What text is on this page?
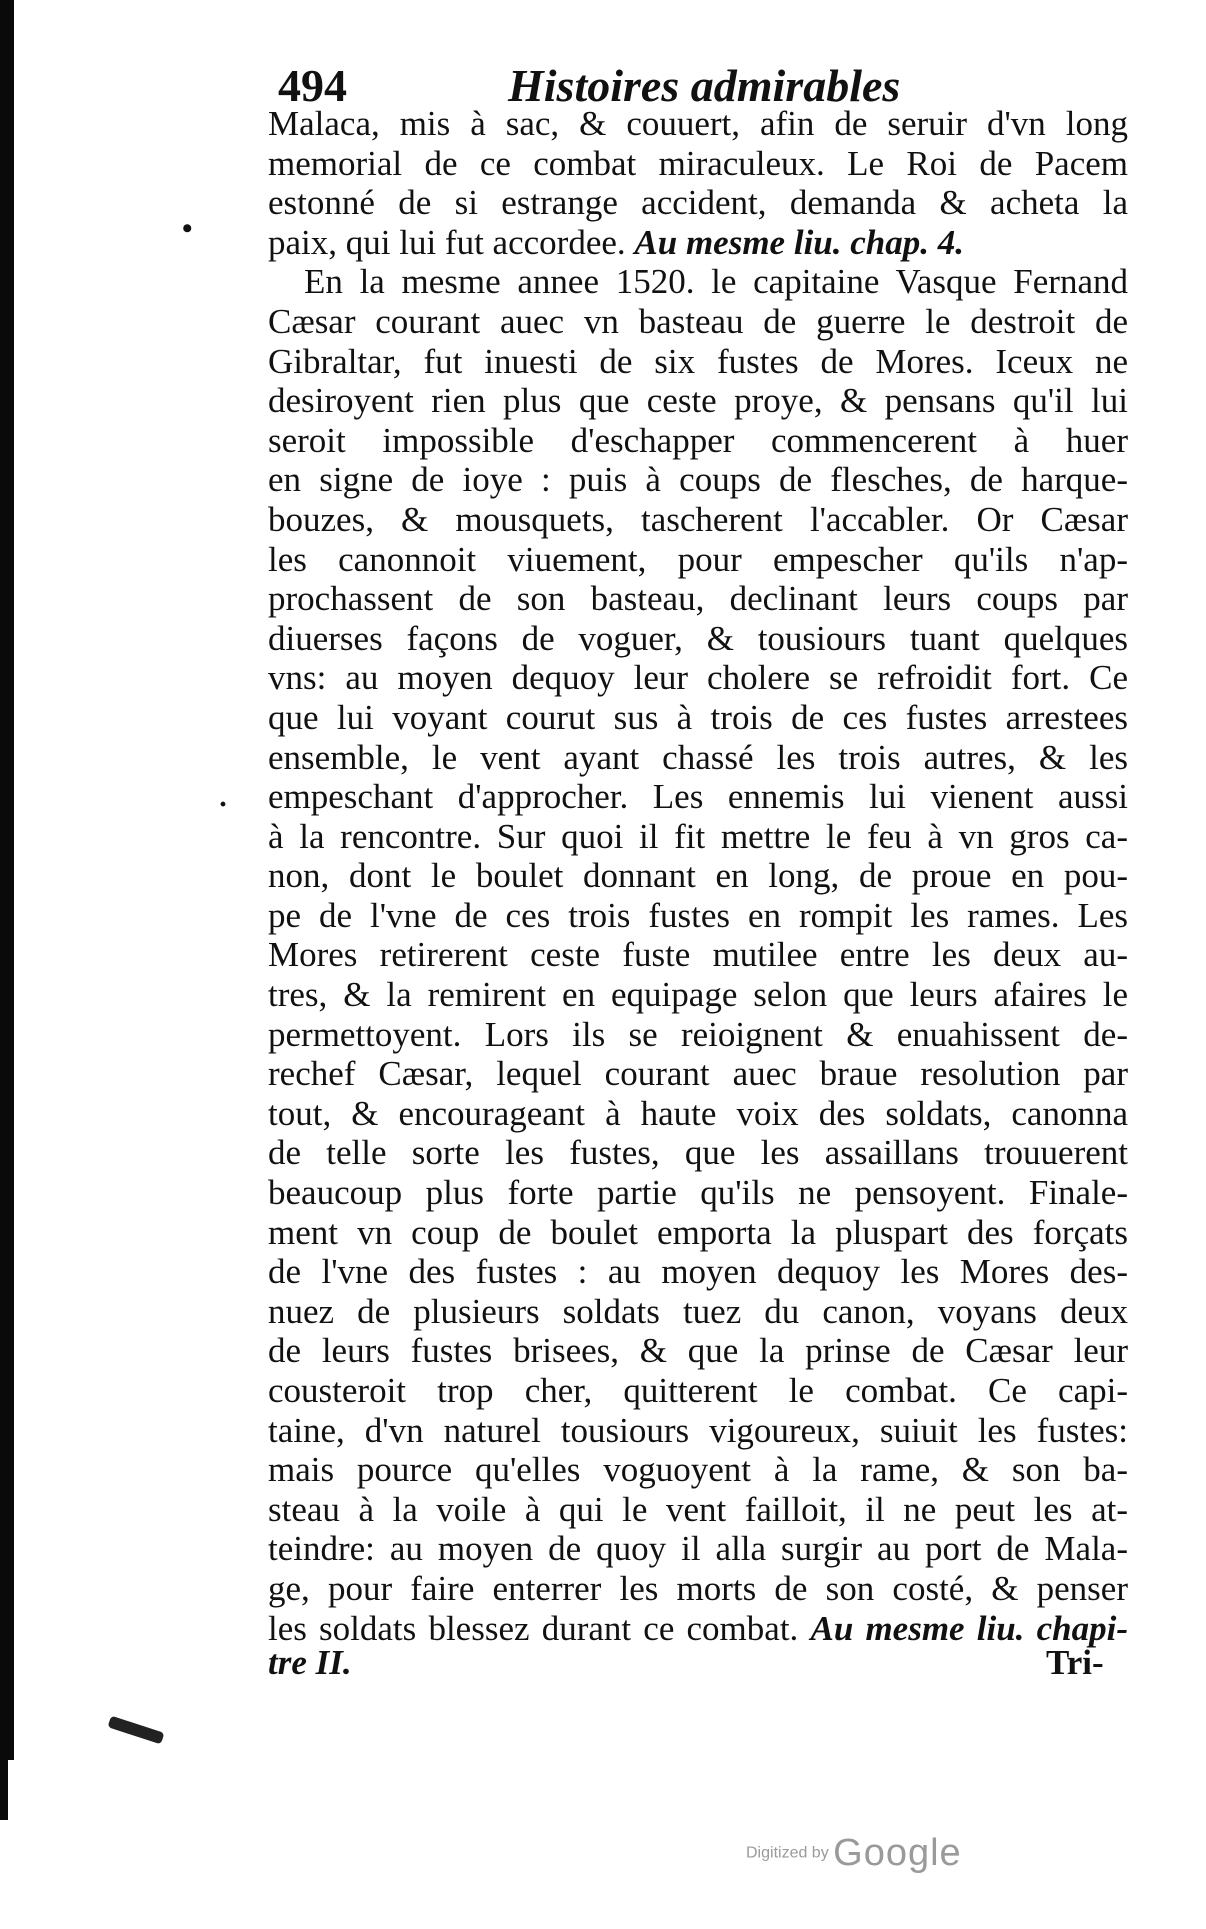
494	Histoires admirables
Malaca, mis à sac, & couuert, afin de seruir d'vn long
memorial de ce combat miraculeux. Le Roi de Pacem
estonné de si estrange accident, demanda & acheta la
paix, qui lui fut accordee. Au mesme liu. chap. 4.
En la mesme annee 1520. le capitaine Vasque Fernand
Cæsar courant auec vn basteau de guerre le destroit de
Gibraltar, fut inuesti de six fustes de Mores. Iceux ne
desiroyent rien plus que ceste proye, & pensans qu'il lui
seroit impossible d'eschapper commencerent à huer
en signe de ioye : puis à coups de flesches, de harque-
bouzes, & mousquets, tascherent l'accabler. Or Cæsar
les canonnoit viuement, pour empescher qu'ils n'ap-
prochassent de son basteau, declinant leurs coups par
diuerses façons de voguer, & tousiours tuant quelques
vns: au moyen dequoy leur cholere se refroidit fort. Ce
que lui voyant courut sus à trois de ces fustes arrestees
ensemble, le vent ayant chassé les trois autres, & les
empeschant d'approcher. Les ennemis lui vienent aussi
à la rencontre. Sur quoi il fit mettre le feu à vn gros ca-
non, dont le boulet donnant en long, de proue en pou-
pe de l'vne de ces trois fustes en rompit les rames. Les
Mores retirerent ceste fuste mutilee entre les deux au-
tres, & la remirent en equipage selon que leurs afaires le
permettoyent. Lors ils se reioignent & enuahissent de-
rechef Cæsar, lequel courant auec braue resolution par
tout, & encourageant à haute voix des soldats, canonna
de telle sorte les fustes, que les assaillans trouuerent
beaucoup plus forte partie qu'ils ne pensoyent. Finale-
ment vn coup de boulet emporta la pluspart des forçats
de l'vne des fustes : au moyen dequoy les Mores des-
nuez de plusieurs soldats tuez du canon, voyans deux
de leurs fustes brisees, & que la prinse de Cæsar leur
cousteroit trop cher, quitterent le combat. Ce capi-
taine, d'vn naturel tousiours vigoureux, suiuit les fustes:
mais pource qu'elles voguoyent à la rame, & son ba-
steau à la voile à qui le vent failloit, il ne peut les at-
teindre: au moyen de quoy il alla surgir au port de Mala-
ge, pour faire enterrer les morts de son costé, & penser
les soldats blessez durant ce combat. Au mesme liu. chapi-
tre II.	Tri-
•
·
Digitized by Google
